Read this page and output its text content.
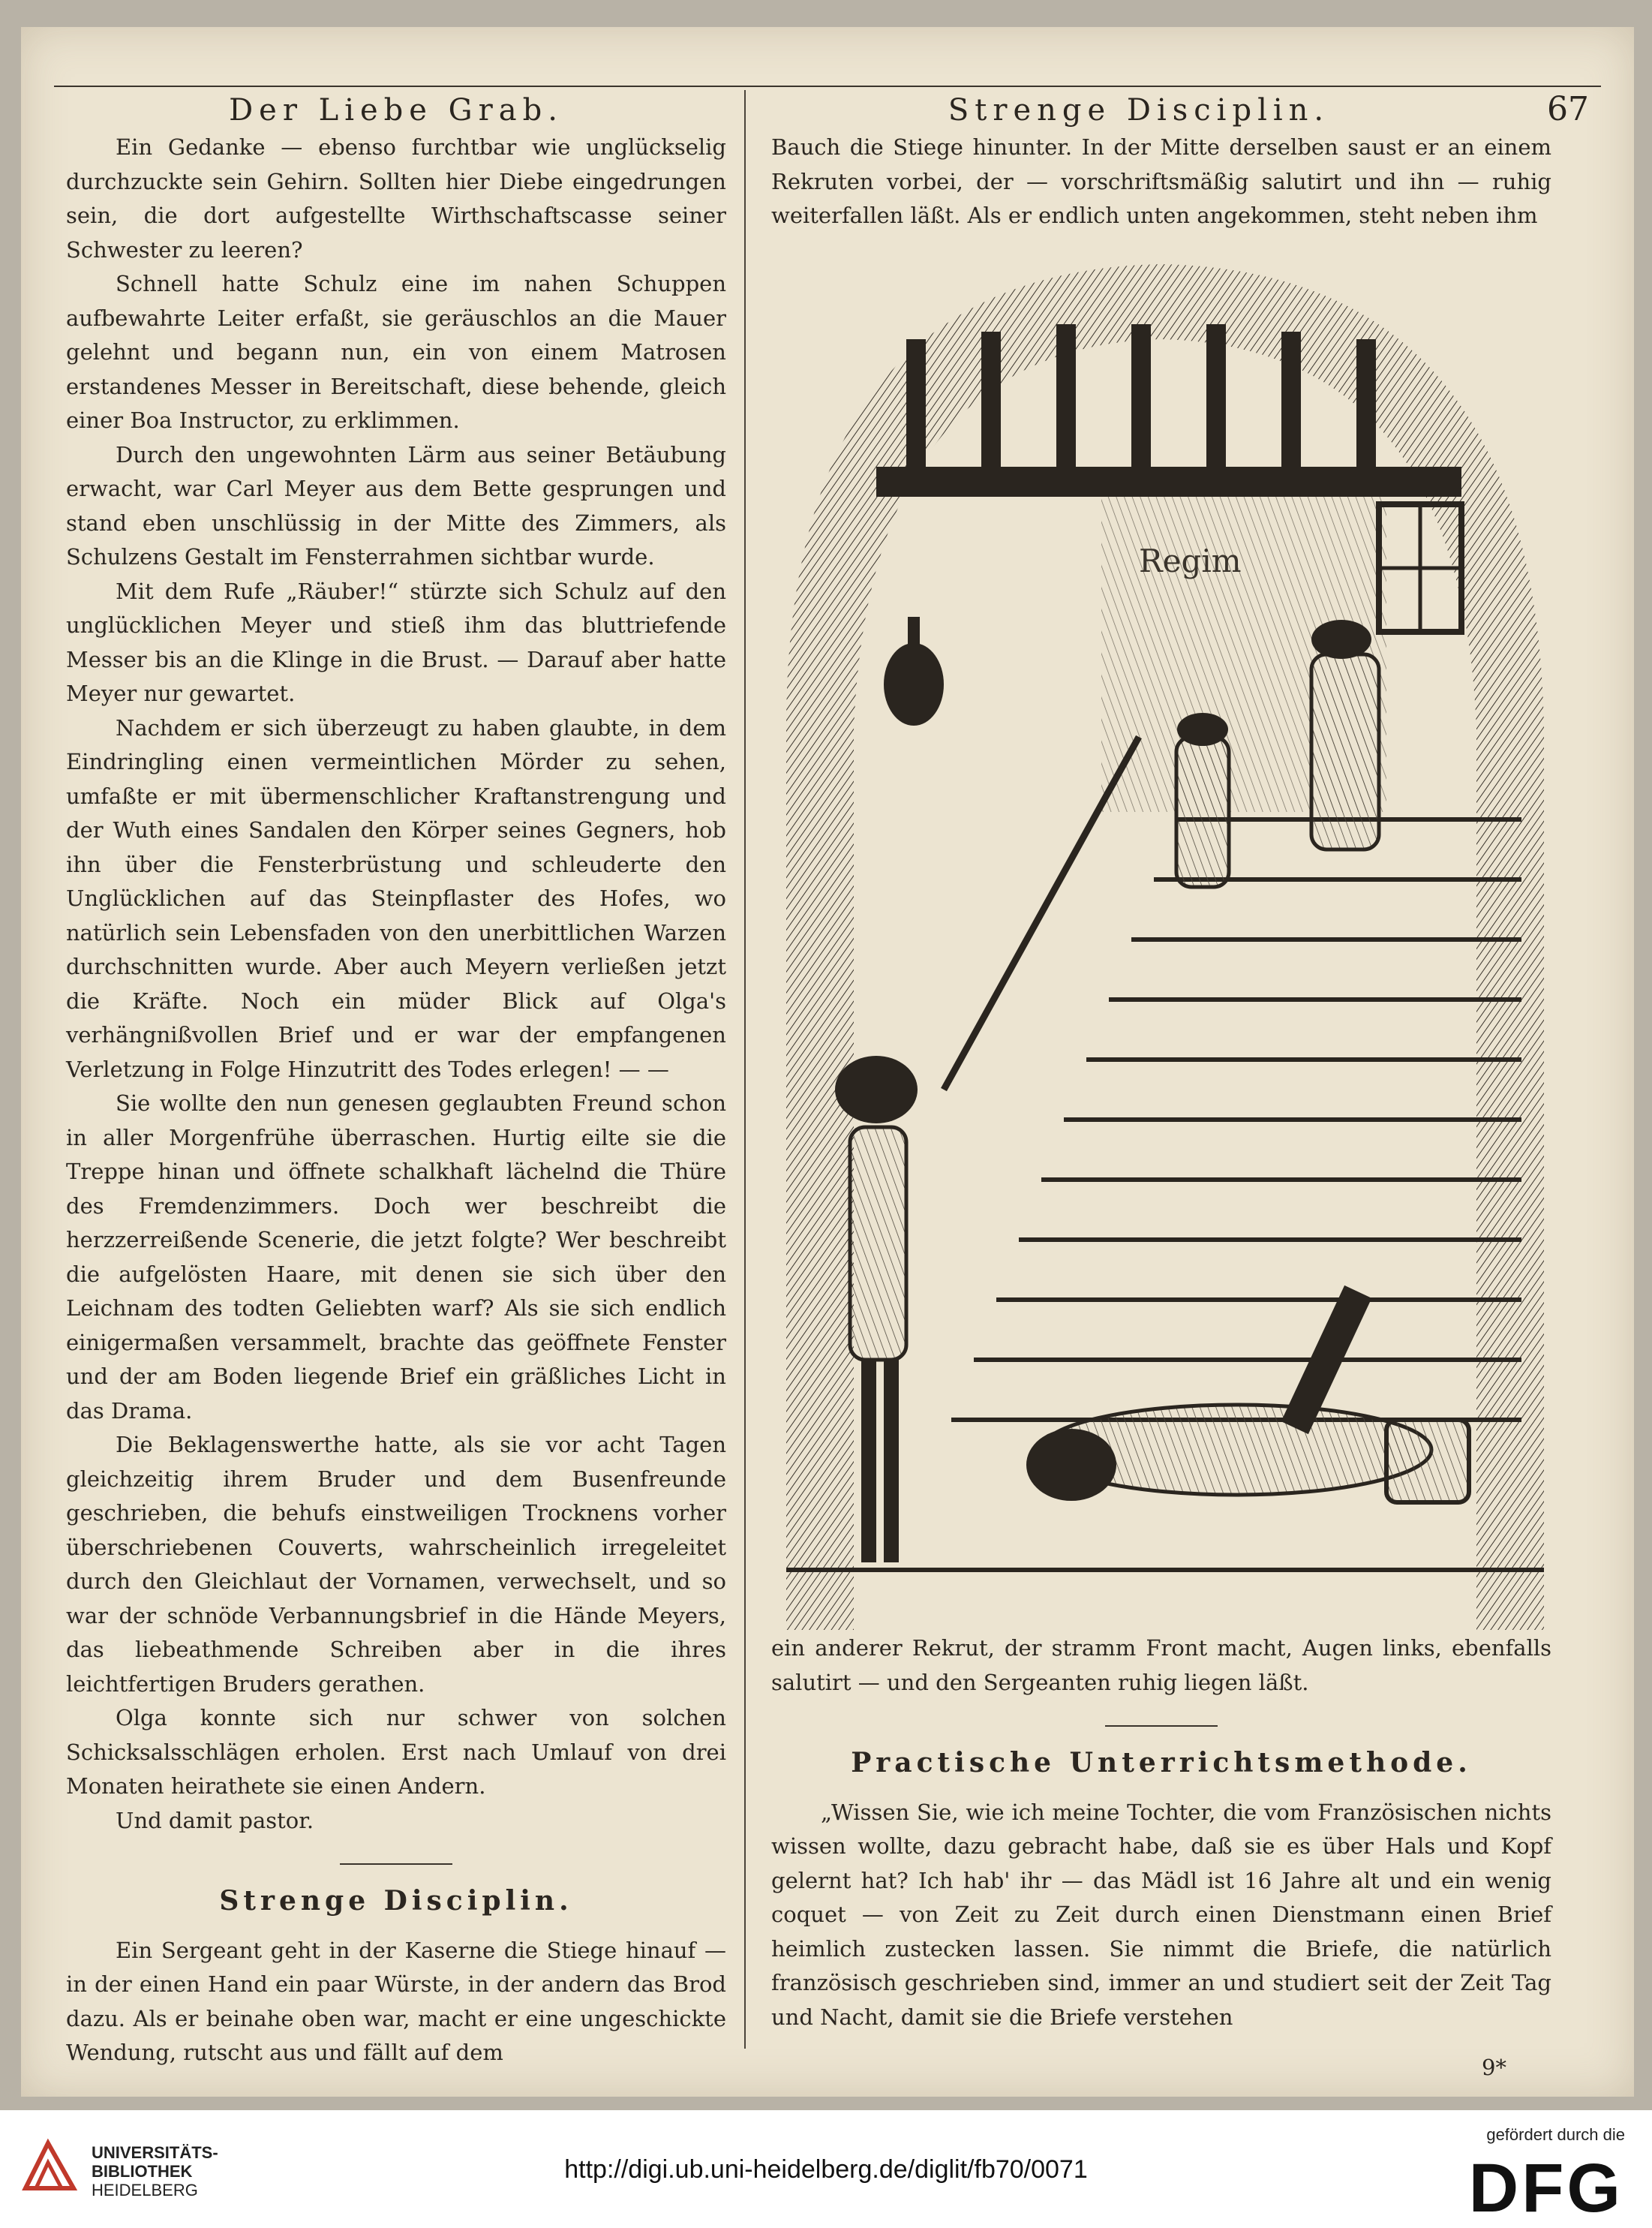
Der Liebe Grab.	Strenge Disciplin.	67

Ein Gedanke — ebenso furchtbar wie unglückselig durchzuckte sein Gehirn. Sollten hier Diebe eingedrungen sein, die dort aufgestellte Wirthschaftscasse seiner Schwester zu leeren?

Schnell hatte Schulz eine im nahen Schuppen aufbewahrte Leiter erfaßt, sie geräuschlos an die Mauer gelehnt und begann nun, ein von einem Matrosen erstandenes Messer in Bereitschaft, diese behende, gleich einer Boa Instructor, zu erklimmen.

Durch den ungewohnten Lärm aus seiner Betäubung erwacht, war Carl Meyer aus dem Bette gesprungen und stand eben unschlüssig in der Mitte des Zimmers, als Schulzens Gestalt im Fensterrahmen sichtbar wurde.

Mit dem Rufe „Räuber!“ stürzte sich Schulz auf den unglücklichen Meyer und stieß ihm das bluttriefende Messer bis an die Klinge in die Brust. — Darauf aber hatte Meyer nur gewartet.

Nachdem er sich überzeugt zu haben glaubte, in dem Eindringling einen vermeintlichen Mörder zu sehen, umfaßte er mit übermenschlicher Kraftanstrengung und der Wuth eines Sandalen den Körper seines Gegners, hob ihn über die Fensterbrüstung und schleuderte den Unglücklichen auf das Steinpflaster des Hofes, wo natürlich sein Lebensfaden von den unerbittlichen Warzen durchschnitten wurde. Aber auch Meyern verließen jetzt die Kräfte. Noch ein müder Blick auf Olga's verhängnißvollen Brief und er war der empfangenen Verletzung in Folge Hinzutritt des Todes erlegen! — —

Sie wollte den nun genesen geglaubten Freund schon in aller Morgenfrühe überraschen. Hurtig eilte sie die Treppe hinan und öffnete schalkhaft lächelnd die Thüre des Fremdenzimmers. Doch wer beschreibt die herzzerreißende Scenerie, die jetzt folgte? Wer beschreibt die aufgelösten Haare, mit denen sie sich über den Leichnam des todten Geliebten warf? Als sie sich endlich einigermaßen versammelt, brachte das geöffnete Fenster und der am Boden liegende Brief ein gräßliches Licht in das Drama.

Die Beklagenswerthe hatte, als sie vor acht Tagen gleichzeitig ihrem Bruder und dem Busenfreunde geschrieben, die behufs einstweiligen Trocknens vorher überschriebenen Couverts, wahrscheinlich irregeleitet durch den Gleichlaut der Vornamen, verwechselt, und so war der schnöde Verbannungsbrief in die Hände Meyers, das liebeathmende Schreiben aber in die ihres leichtfertigen Bruders gerathen.

Olga konnte sich nur schwer von solchen Schicksalsschlägen erholen. Erst nach Umlauf von drei Monaten heirathete sie einen Andern.

Und damit pastor.

Strenge Disciplin.

Ein Sergeant geht in der Kaserne die Stiege hinauf — in der einen Hand ein paar Würste, in der andern das Brod dazu. Als er beinahe oben war, macht er eine ungeschickte Wendung, rutscht aus und fällt auf dem

Bauch die Stiege hinunter. In der Mitte derselben saust er an einem Rekruten vorbei, der — vorschriftsmäßig salutirt und ihn — ruhig weiterfallen läßt. Als er endlich unten angekommen, steht neben ihm

Regim

ein anderer Rekrut, der stramm Front macht, Augen links, ebenfalls salutirt — und den Sergeanten ruhig liegen läßt.

Practische Unterrichtsmethode.

„Wissen Sie, wie ich meine Tochter, die vom Französischen nichts wissen wollte, dazu gebracht habe, daß sie es über Hals und Kopf gelernt hat? Ich hab' ihr — das Mädl ist 16 Jahre alt und ein wenig coquet — von Zeit zu Zeit durch einen Dienstmann einen Brief heimlich zustecken lassen. Sie nimmt die Briefe, die natürlich französisch geschrieben sind, immer an und studiert seit der Zeit Tag und Nacht, damit sie die Briefe verstehen

9*
UNIVERSITÄTS-
BIBLIOTHEK
HEIDELBERG
http://digi.ub.uni-heidelberg.de/diglit/fb70/0071
gefördert durch die
DFG
